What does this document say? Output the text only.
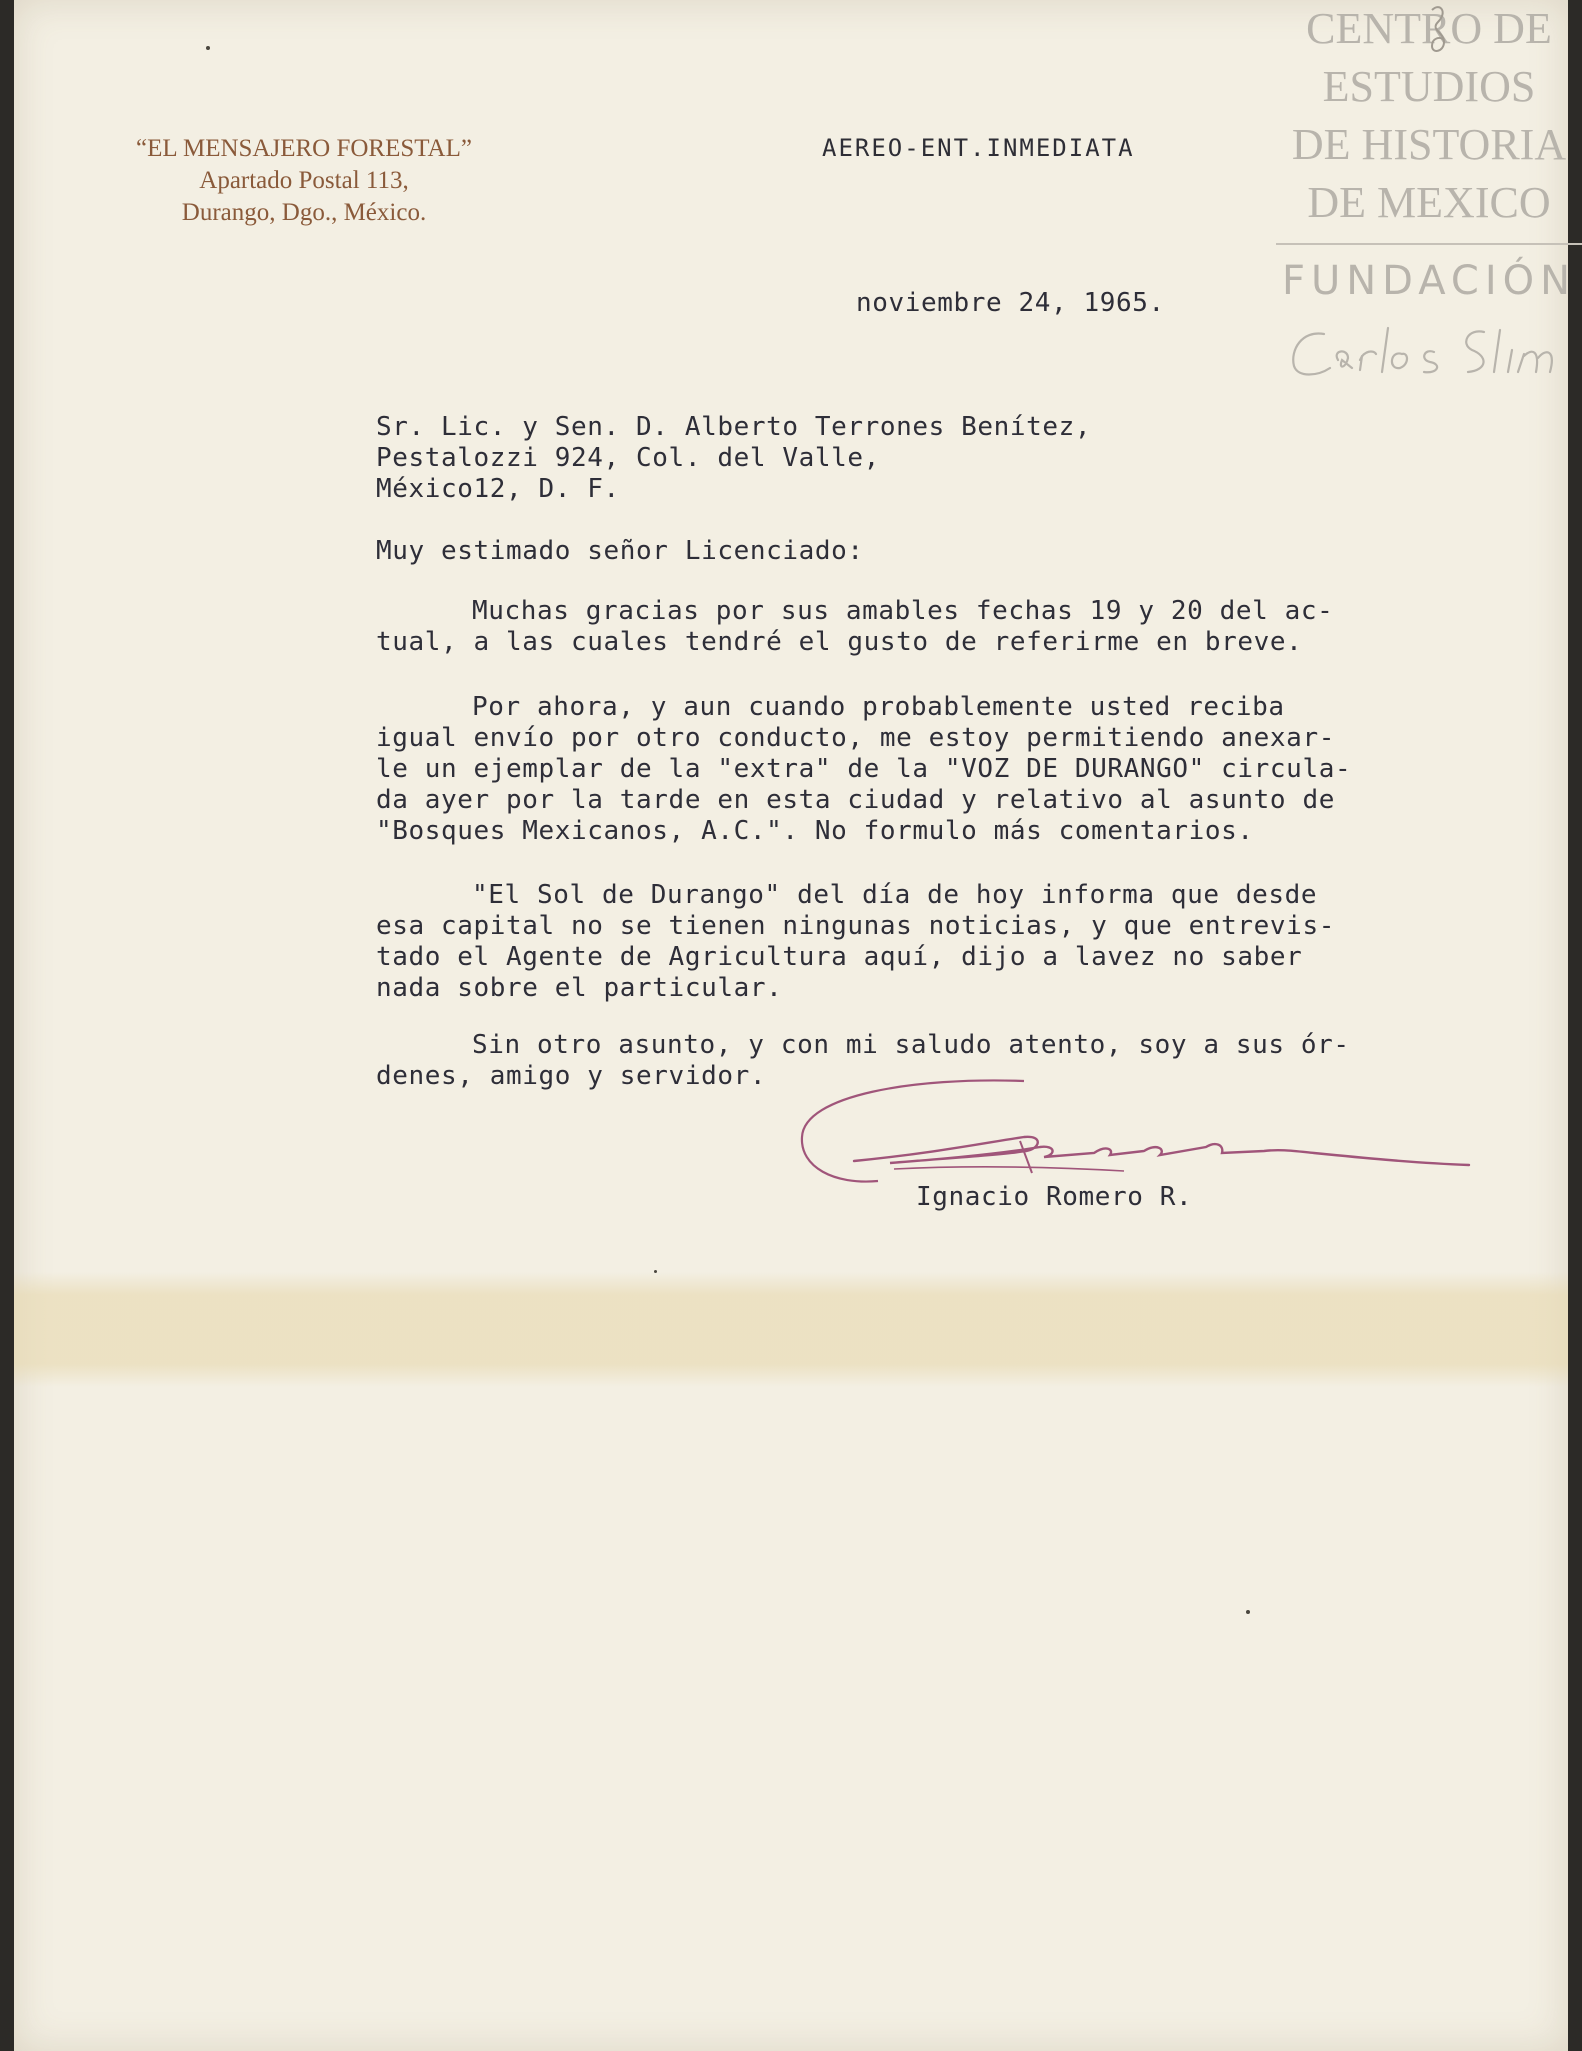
“EL MENSAJERO FORESTAL”
Apartado Postal 113,
Durango, Dgo., México.
AEREO-ENT.INMEDIATA
noviembre 24, 1965.
Sr. Lic. y Sen. D. Alberto Terrones Benítez,
Pestalozzi 924, Col. del Valle,
México12, D. F.
Muy estimado señor Licenciado:
Muchas gracias por sus amables fechas 19 y 20 del ac-
tual, a las cuales tendré el gusto de referirme en breve.
Por ahora, y aun cuando probablemente usted reciba
igual envío por otro conducto, me estoy permitiendo anexar-
le un ejemplar de la "extra" de la "VOZ DE DURANGO" circula-
da ayer por la tarde en esta ciudad y relativo al asunto de
"Bosques Mexicanos, A.C.". No formulo más comentarios.
"El Sol de Durango" del día de hoy informa que desde
esa capital no se tienen ningunas noticias, y que entrevis-
tado el Agente de Agricultura aquí, dijo a lavez no saber
nada sobre el particular.
Sin otro asunto, y con mi saludo atento, soy a sus ór-
denes, amigo y servidor.
Ignacio Romero R.
CENTRO DE
ESTUDIOS
DE HISTORIA
DE MEXICO
FUNDACIÓN
